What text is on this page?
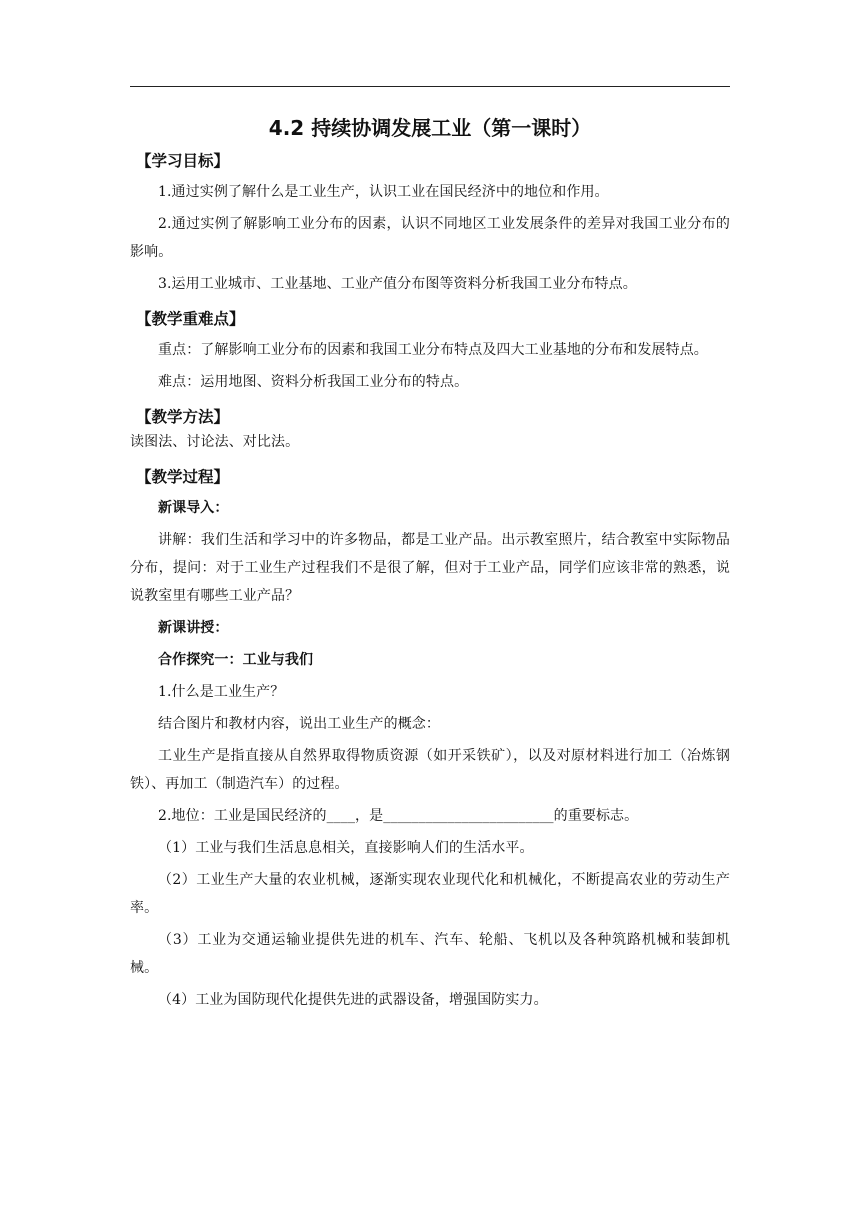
4.2 持续协调发展工业（第一课时）
【学习目标】

1.通过实例了解什么是工业生产，认识工业在国民经济中的地位和作用。

2.通过实例了解影响工业分布的因素，认识不同地区工业发展条件的差异对我国工业分布的影响。

3.运用工业城市、工业基地、工业产值分布图等资料分析我国工业分布特点。

【教学重难点】

重点：了解影响工业分布的因素和我国工业分布特点及四大工业基地的分布和发展特点。

难点：运用地图、资料分析我国工业分布的特点。

【教学方法】

读图法、讨论法、对比法。

【教学过程】

新课导入：

讲解：我们生活和学习中的许多物品，都是工业产品。出示教室照片，结合教室中实际物品分布，提问：对于工业生产过程我们不是很了解，但对于工业产品，同学们应该非常的熟悉，说说教室里有哪些工业产品？

新课讲授：

合作探究一：工业与我们

1.什么是工业生产？

结合图片和教材内容，说出工业生产的概念：

工业生产是指直接从自然界取得物质资源（如开采铁矿），以及对原材料进行加工（冶炼钢铁）、再加工（制造汽车）的过程。

2.地位：工业是国民经济的____，是________________________的重要标志。

（1）工业与我们生活息息相关，直接影响人们的生活水平。

（2）工业生产大量的农业机械，逐渐实现农业现代化和机械化，不断提高农业的劳动生产率。

（3）工业为交通运输业提供先进的机车、汽车、轮船、飞机以及各种筑路机械和装卸机械。

（4）工业为国防现代化提供先进的武器设备，增强国防实力。
